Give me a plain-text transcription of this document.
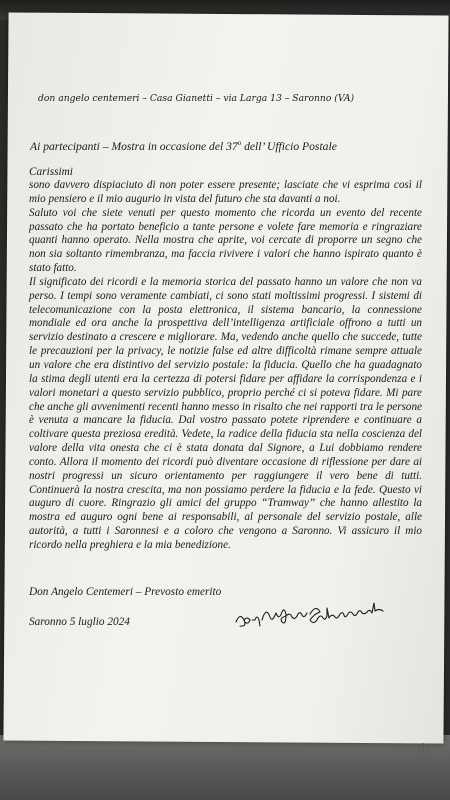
don angelo centemeri – Casa Gianetti – via Larga 13 – Saronno (VA)
Ai partecipanti – Mostra in occasione del 37$^o$ dell’ Ufficio Postale
Carissimi

sono davvero dispiaciuto di non poter essere presente; lasciate che vi esprima così il mio pensiero e il mio augurio in vista del futuro che sta davanti a noi.

Saluto voi che siete venuti per questo momento che ricorda un evento del recente passato che ha portato beneficio a tante persone e volete fare memoria e ringraziare quanti hanno operato. Nella mostra che aprite, voi cercate di proporre un segno che non sia soltanto rimembranza, ma faccia rivivere i valori che hanno ispirato quanto è stato fatto.

Il significato dei ricordi e la memoria storica del passato hanno un valore che non va perso. I tempi sono veramente cambiati, ci sono stati moltissimi progressi. I sistemi di telecomunicazione con la posta elettronica, il sistema bancario, la connessione mondiale ed ora anche la prospettiva dell’intelligenza artificiale offrono a tutti un servizio destinato a crescere e migliorare. Ma, vedendo anche quello che succede, tutte le precauzioni per la privacy, le notizie false ed altre difficoltà rimane sempre attuale un valore che era distintivo del servizio postale: la fiducia. Quello che ha guadagnato la stima degli utenti era la certezza di potersi fidare per affidare la corrispondenza e i valori monetari a questo servizio pubblico, proprio perché ci si poteva fidare. Mi pare che anche gli avvenimenti recenti hanno messo in risalto che nei rapporti tra le persone è venuta a mancare la fiducia. Dal vostro passato potete riprendere e continuare a coltivare questa preziosa eredità. Vedete, la radice della fiducia sta nella coscienza del valore della vita onesta che ci è stata donata dal Signore, a Lui dobbiamo rendere conto. Allora il momento dei ricordi può diventare occasione di riflessione per dare ai nostri progressi un sicuro orientamento per raggiungere il vero bene di tutti. Continuerà la nostra crescita, ma non possiamo perdere la fiducia e la fede. Questo vi auguro di cuore. Ringrazio gli amici del gruppo “Tramway” che hanno allestito la mostra ed auguro ogni bene ai responsabili, al personale del servizio postale, alle autorità, a tutti i Saronnesi e a coloro che vengono a Saronno. Vi assicuro il mio ricordo nella preghiera e la mia benedizione.

Don Angelo Centemeri – Prevosto emerito
Saronno 5 luglio 2024
